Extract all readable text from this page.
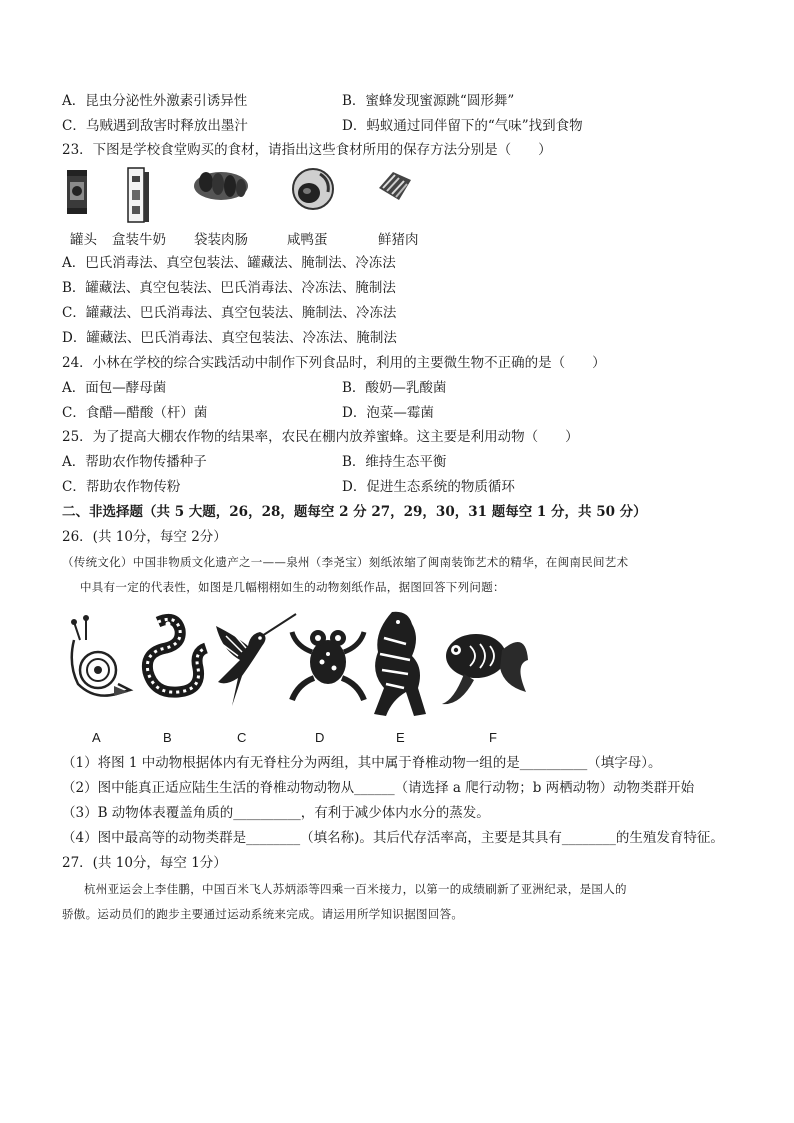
A．昆虫分泌性外激素引诱异性	B．蜜蜂发现蜜源跳“圆形舞”
C．乌贼遇到敌害时释放出墨汁	D．蚂蚁通过同伴留下的“气味”找到食物
23．下图是学校食堂购买的食材，请指出这些食材所用的保存方法分别是（　　）
罐头 盒装牛奶 袋装肉肠	咸鸭蛋	鲜猪肉
A．巴氏消毒法、真空包装法、罐藏法、腌制法、冷冻法
B．罐藏法、真空包装法、巴氏消毒法、冷冻法、腌制法
C．罐藏法、巴氏消毒法、真空包装法、腌制法、冷冻法
D．罐藏法、巴氏消毒法、真空包装法、冷冻法、腌制法
24．小林在学校的综合实践活动中制作下列食品时，利用的主要微生物不正确的是（　　）
A．面包—酵母菌	B．酸奶—乳酸菌
C．食醋—醋酸（杆）菌	D．泡菜—霉菌
25．为了提高大棚农作物的结果率，农民在棚内放养蜜蜂。这主要是利用动物（　　）
A．帮助农作物传播种子	B．维持生态平衡
C．帮助农作物传粉	D．促进生态系统的物质循环
二、非选择题（共 5 大题，26，28，题每空 2 分 27，29，30，31 题每空 1 分，共 50 分）
26．(共 10分，每空 2分）
（传统文化）中国非物质文化遗产之一——泉州（李尧宝）刻纸浓缩了闽南装饰艺术的精华，在闽南民间艺术
中具有一定的代表性，如图是几幅栩栩如生的动物刻纸作品，据图回答下列问题：
A	B	C	D	E	F
（1）将图 1 中动物根据体内有无脊柱分为两组，其中属于脊椎动物一组的是__________（填字母）。
（2）图中能真正适应陆生生活的脊椎动物动物从______（请选择 a 爬行动物；b 两栖动物）动物类群开始
（3）B 动物体表覆盖角质的__________，有利于减少体内水分的蒸发。
（4）图中最高等的动物类群是________（填名称)。其后代存活率高，主要是其具有________的生殖发育特征。
27．(共 10分，每空 1分）
杭州亚运会上李佳鹏，中国百米飞人苏炳添等四乘一百米接力，以第一的成绩刷新了亚洲纪录，是国人的
骄傲。运动员们的跑步主要通过运动系统来完成。请运用所学知识据图回答。
